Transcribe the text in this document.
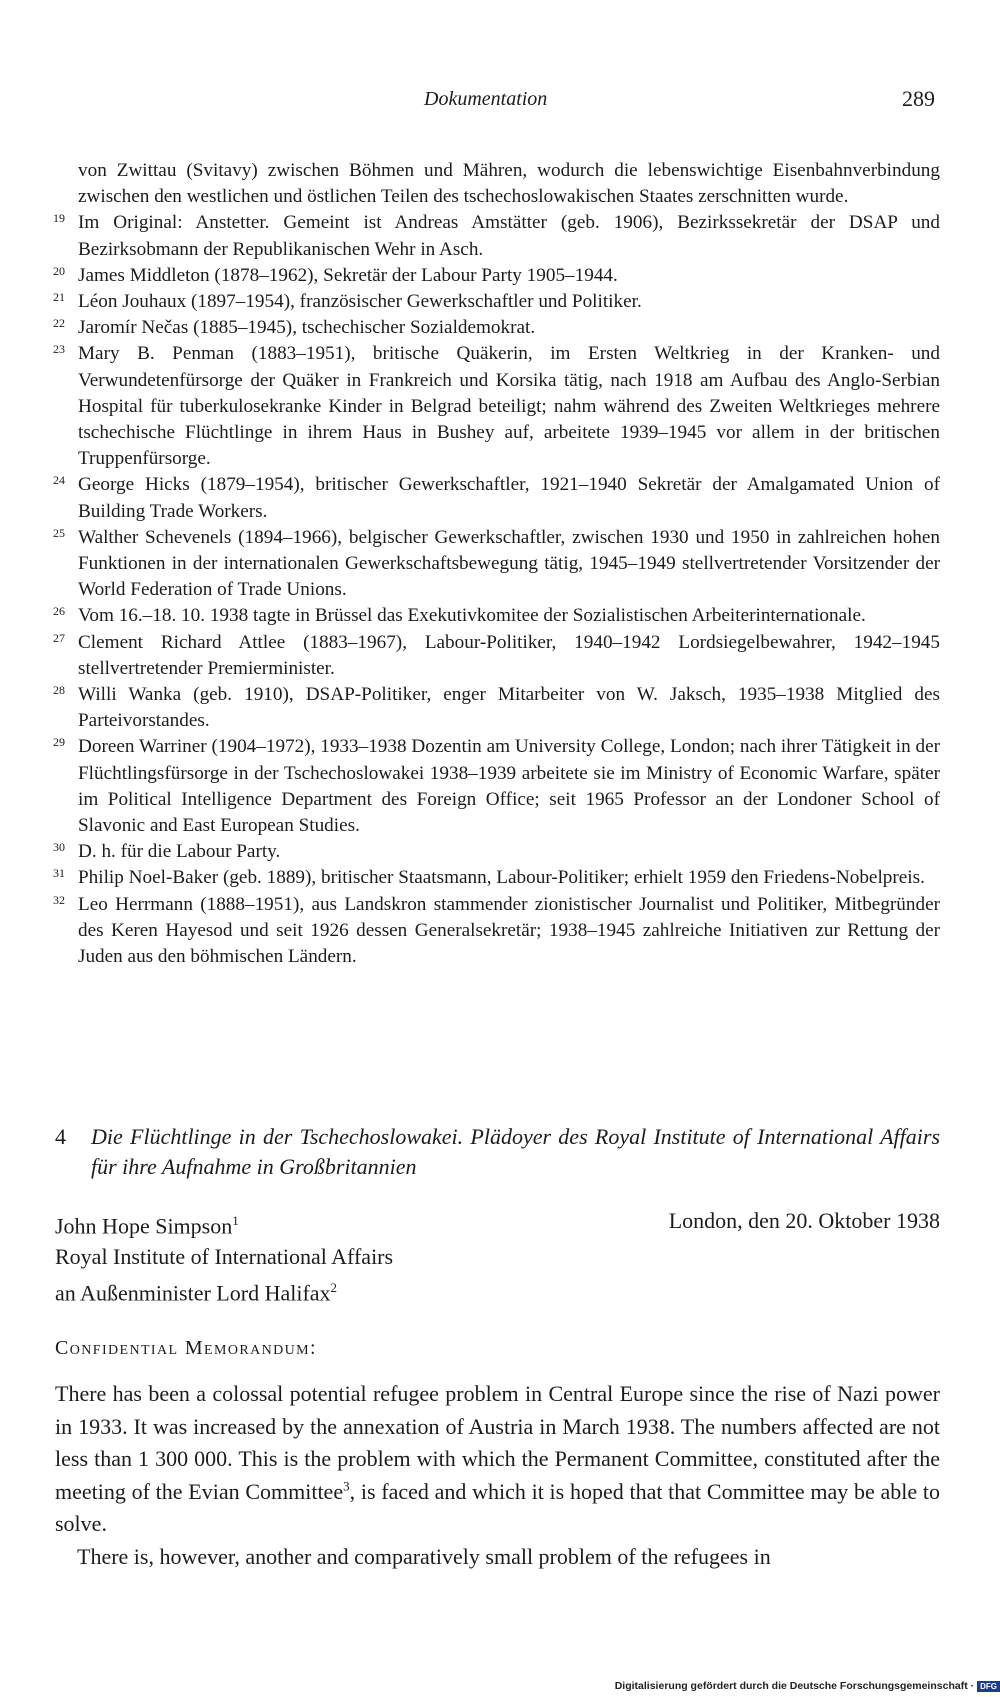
Dokumentation	289
von Zwittau (Svitavy) zwischen Böhmen und Mähren, wodurch die lebenswichtige Eisenbahnverbindung zwischen den westlichen und östlichen Teilen des tschechoslowakischen Staates zerschnitten wurde.
19 Im Original: Anstetter. Gemeint ist Andreas Amstätter (geb. 1906), Bezirkssekretär der DSAP und Bezirksobmann der Republikanischen Wehr in Asch.
20 James Middleton (1878–1962), Sekretär der Labour Party 1905–1944.
21 Léon Jouhaux (1897–1954), französischer Gewerkschaftler und Politiker.
22 Jaromír Nečas (1885–1945), tschechischer Sozialdemokrat.
23 Mary B. Penman (1883–1951), britische Quäkerin, im Ersten Weltkrieg in der Kranken- und Verwundetenfürsorge der Quäker in Frankreich und Korsika tätig, nach 1918 am Aufbau des Anglo-Serbian Hospital für tuberkulosekranke Kinder in Belgrad beteiligt; nahm während des Zweiten Weltkrieges mehrere tschechische Flüchtlinge in ihrem Haus in Bushey auf, arbeitete 1939–1945 vor allem in der britischen Truppenfürsorge.
24 George Hicks (1879–1954), britischer Gewerkschaftler, 1921–1940 Sekretär der Amalgamated Union of Building Trade Workers.
25 Walther Schevenels (1894–1966), belgischer Gewerkschaftler, zwischen 1930 und 1950 in zahlreichen hohen Funktionen in der internationalen Gewerkschaftsbewegung tätig, 1945–1949 stellvertretender Vorsitzender der World Federation of Trade Unions.
26 Vom 16.–18. 10. 1938 tagte in Brüssel das Exekutivkomitee der Sozialistischen Arbeiterinternationale.
27 Clement Richard Attlee (1883–1967), Labour-Politiker, 1940–1942 Lordsiegelbewahrer, 1942–1945 stellvertretender Premierminister.
28 Willi Wanka (geb. 1910), DSAP-Politiker, enger Mitarbeiter von W. Jaksch, 1935–1938 Mitglied des Parteivorstandes.
29 Doreen Warriner (1904–1972), 1933–1938 Dozentin am University College, London; nach ihrer Tätigkeit in der Flüchtlingsfürsorge in der Tschechoslowakei 1938–1939 arbeitete sie im Ministry of Economic Warfare, später im Political Intelligence Department des Foreign Office; seit 1965 Professor an der Londoner School of Slavonic and East European Studies.
30 D. h. für die Labour Party.
31 Philip Noel-Baker (geb. 1889), britischer Staatsmann, Labour-Politiker; erhielt 1959 den Friedens-Nobelpreis.
32 Leo Herrmann (1888–1951), aus Landskron stammender zionistischer Journalist und Politiker, Mitbegründer des Keren Hayesod und seit 1926 dessen Generalsekretär; 1938–1945 zahlreiche Initiativen zur Rettung der Juden aus den böhmischen Ländern.
4	Die Flüchtlinge in der Tschechoslowakei. Plädoyer des Royal Institute of International Affairs für ihre Aufnahme in Großbritannien
John Hope Simpson$^1$
Royal Institute of International Affairs
an Außenminister Lord Halifax$^2$
London, den 20. Oktober 1938
Confidential Memorandum:

There has been a colossal potential refugee problem in Central Europe since the rise of Nazi power in 1933. It was increased by the annexation of Austria in March 1938. The numbers affected are not less than 1 300 000. This is the problem with which the Permanent Committee, constituted after the meeting of the Evian Committee$^3$, is faced and which it is hoped that that Committee may be able to solve.

There is, however, another and comparatively small problem of the refugees in

Digitalisierung gefördert durch die Deutsche Forschungsgemeinschaft · DFG
